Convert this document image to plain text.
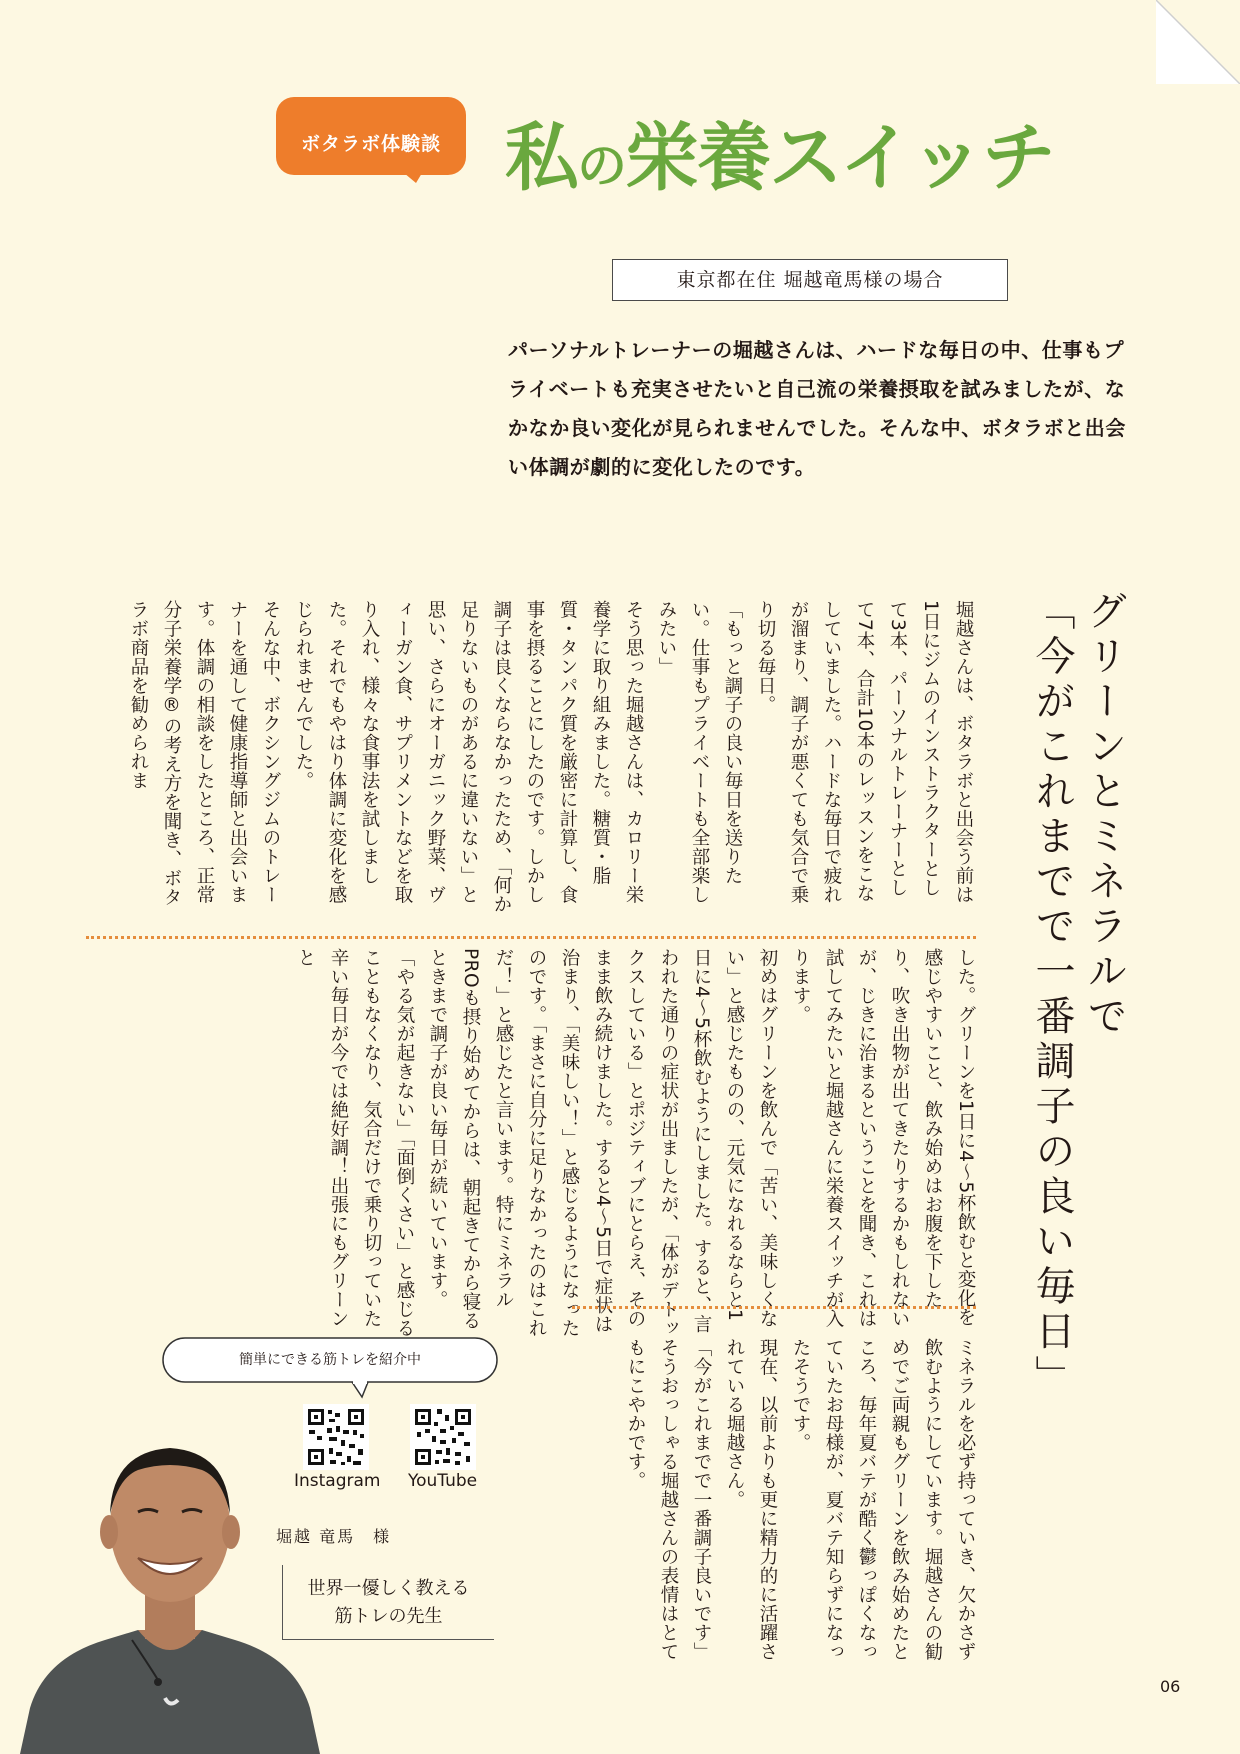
ボタラボ体験談 私の栄養スイッチ
東京都在住 堀越竜馬様の場合
パーソナルトレーナーの堀越さんは、ハードな毎日の中、仕事もプライベートも充実させたいと自己流の栄養摂取を試みましたが、なかなか良い変化が見られませんでした。そんな中、ボタラボと出会い体調が劇的に変化したのです。
グリーンとミネラルで
「今がこれまでで一番調子の良い毎日」

堀越さんは、ボタラボと出会う前は1日にジムのインストラクターとして3本、パーソナルトレーナーとして7本、合計10本のレッスンをこなしていました。ハードな毎日で疲れが溜まり、調子が悪くても気合で乗り切る毎日。

「もっと調子の良い毎日を送りたい。仕事もプライベートも全部楽しみたい」

そう思った堀越さんは、カロリー栄養学に取り組みました。糖質・脂質・タンパク質を厳密に計算し、食事を摂ることにしたのです。しかし調子は良くならなかったため、「何か足りないものがあるに違いない」と思い、さらにオーガニック野菜、ヴィーガン食、サプリメントなどを取り入れ、様々な食事法を試しました。それでもやはり体調に変化を感じられませんでした。

そんな中、ボクシングジムのトレーナーを通して健康指導師と出会います。体調の相談をしたところ、正常分子栄養学®の考え方を聞き、ボタラボ商品を勧められま

した。グリーンを1日に4～5杯飲むと変化を感じやすいこと、飲み始めはお腹を下したり、吹き出物が出てきたりするかもしれないが、じきに治まるということを聞き、これは試してみたいと堀越さんに栄養スイッチが入ります。

初めはグリーンを飲んで「苦い、美味しくない」と感じたものの、元気になれるならと1日に4～5杯飲むようにしました。すると、言われた通りの症状が出ましたが、「体がデトックスしている」とポジティブにとらえ、そのまま飲み続けました。すると4～5日で症状は治まり、「美味しい！」と感じるようになったのです。「まさに自分に足りなかったのはこれだ！」と感じたと言います。特にミネラルPROも摂り始めてからは、朝起きてから寝るときまで調子が良い毎日が続いています。

「やる気が起きない」「面倒くさい」と感じることもなくなり、気合だけで乗り切っていた辛い毎日が今では絶好調！出張にもグリーンと

ミネラルを必ず持っていき、欠かさず飲むようにしています。堀越さんの勧めでご両親もグリーンを飲み始めたところ、毎年夏バテが酷く鬱っぽくなっていたお母様が、夏バテ知らずになったそうです。

現在、以前よりも更に精力的に活躍されている堀越さん。

「今がこれまでで一番調子良いです」

そうおっしゃる堀越さんの表情はとてもにこやかです。

簡単にできる筋トレを紹介中
Instagram YouTube
堀越 竜馬　様
世界一優しく教える
筋トレの先生
06
